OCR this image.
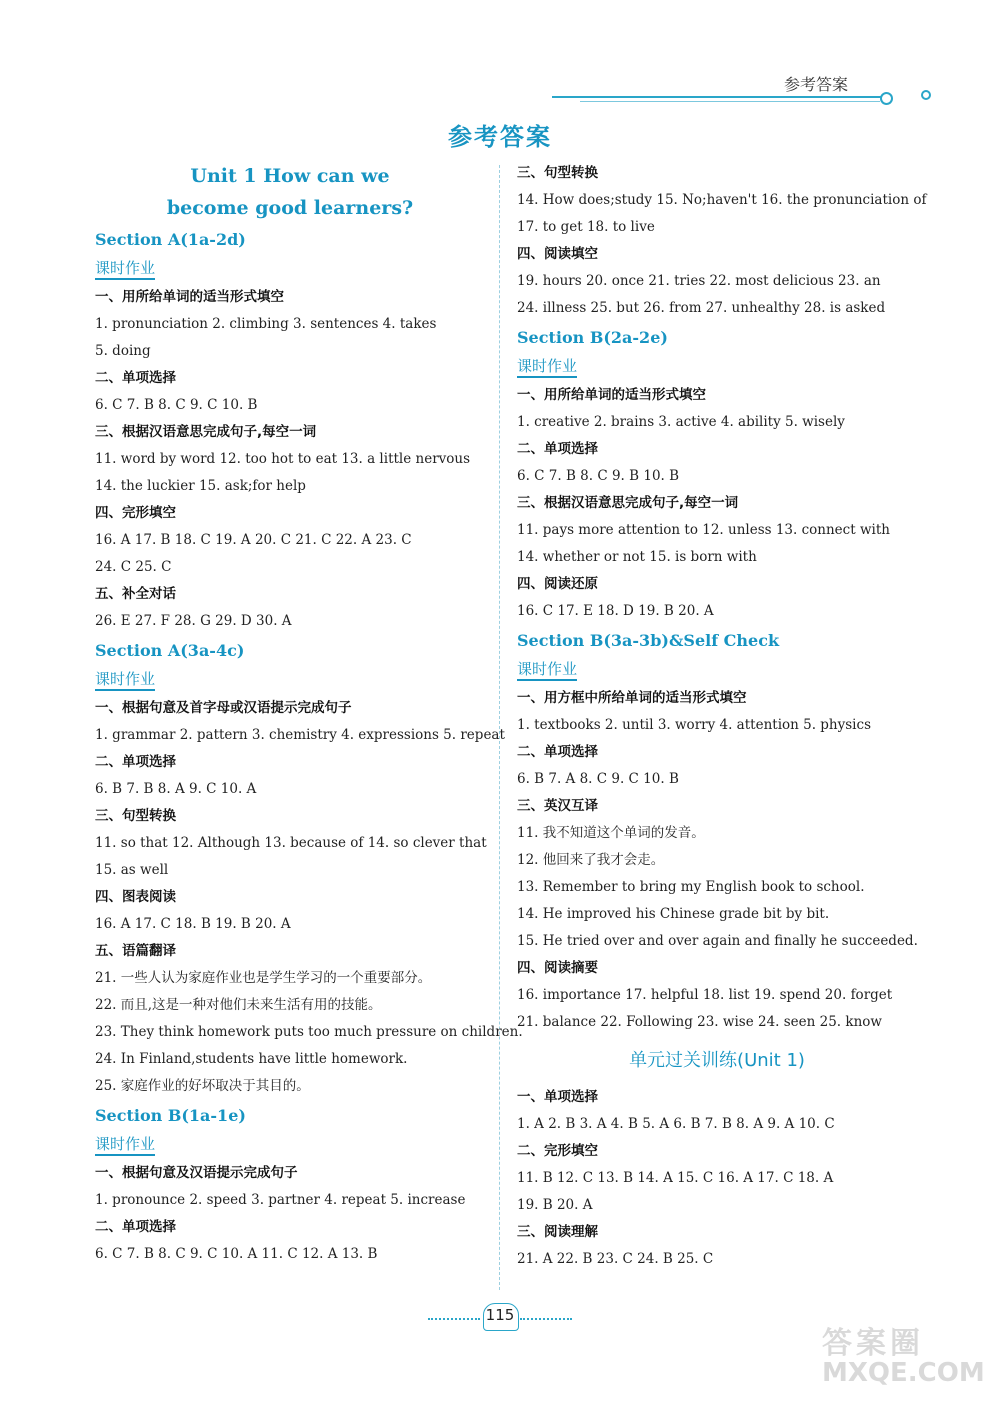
参考答案
参考答案
Unit 1 How can we
become good learners?
Section A(1a-2d)
课时作业
一、用所给单词的适当形式填空
1. pronunciation 2. climbing 3. sentences 4. takes
5. doing
二、单项选择
6. C 7. B 8. C 9. C 10. B
三、根据汉语意思完成句子,每空一词
11. word by word 12. too hot to eat 13. a little nervous
14. the luckier 15. ask;for help
四、完形填空
16. A 17. B 18. C 19. A 20. C 21. C 22. A 23. C
24. C 25. C
五、补全对话
26. E 27. F 28. G 29. D 30. A
Section A(3a-4c)
课时作业
一、根据句意及首字母或汉语提示完成句子
1. grammar 2. pattern 3. chemistry 4. expressions 5. repeat
二、单项选择
6. B 7. B 8. A 9. C 10. A
三、句型转换
11. so that 12. Although 13. because of 14. so clever that
15. as well
四、图表阅读
16. A 17. C 18. B 19. B 20. A
五、语篇翻译
21. 一些人认为家庭作业也是学生学习的一个重要部分。
22. 而且,这是一种对他们未来生活有用的技能。
23. They think homework puts too much pressure on children.
24. In Finland,students have little homework.
25. 家庭作业的好坏取决于其目的。
Section B(1a-1e)
课时作业
一、根据句意及汉语提示完成句子
1. pronounce 2. speed 3. partner 4. repeat 5. increase
二、单项选择
6. C 7. B 8. C 9. C 10. A 11. C 12. A 13. B
三、句型转换
14. How does;study 15. No;haven't 16. the pronunciation of
17. to get 18. to live
四、阅读填空
19. hours 20. once 21. tries 22. most delicious 23. an
24. illness 25. but 26. from 27. unhealthy 28. is asked
Section B(2a-2e)
课时作业
一、用所给单词的适当形式填空
1. creative 2. brains 3. active 4. ability 5. wisely
二、单项选择
6. C 7. B 8. C 9. B 10. B
三、根据汉语意思完成句子,每空一词
11. pays more attention to 12. unless 13. connect with
14. whether or not 15. is born with
四、阅读还原
16. C 17. E 18. D 19. B 20. A
Section B(3a-3b)&Self Check
课时作业
一、用方框中所给单词的适当形式填空
1. textbooks 2. until 3. worry 4. attention 5. physics
二、单项选择
6. B 7. A 8. C 9. C 10. B
三、英汉互译
11. 我不知道这个单词的发音。
12. 他回来了我才会走。
13. Remember to bring my English book to school.
14. He improved his Chinese grade bit by bit.
15. He tried over and over again and finally he succeeded.
四、阅读摘要
16. importance 17. helpful 18. list 19. spend 20. forget
21. balance 22. Following 23. wise 24. seen 25. know
单元过关训练(Unit 1)
一、单项选择
1. A 2. B 3. A 4. B 5. A 6. B 7. B 8. A 9. A 10. C
二、完形填空
11. B 12. C 13. B 14. A 15. C 16. A 17. C 18. A
19. B 20. A
三、阅读理解
21. A 22. B 23. C 24. B 25. C
115
答案圈
MXQE.COM
